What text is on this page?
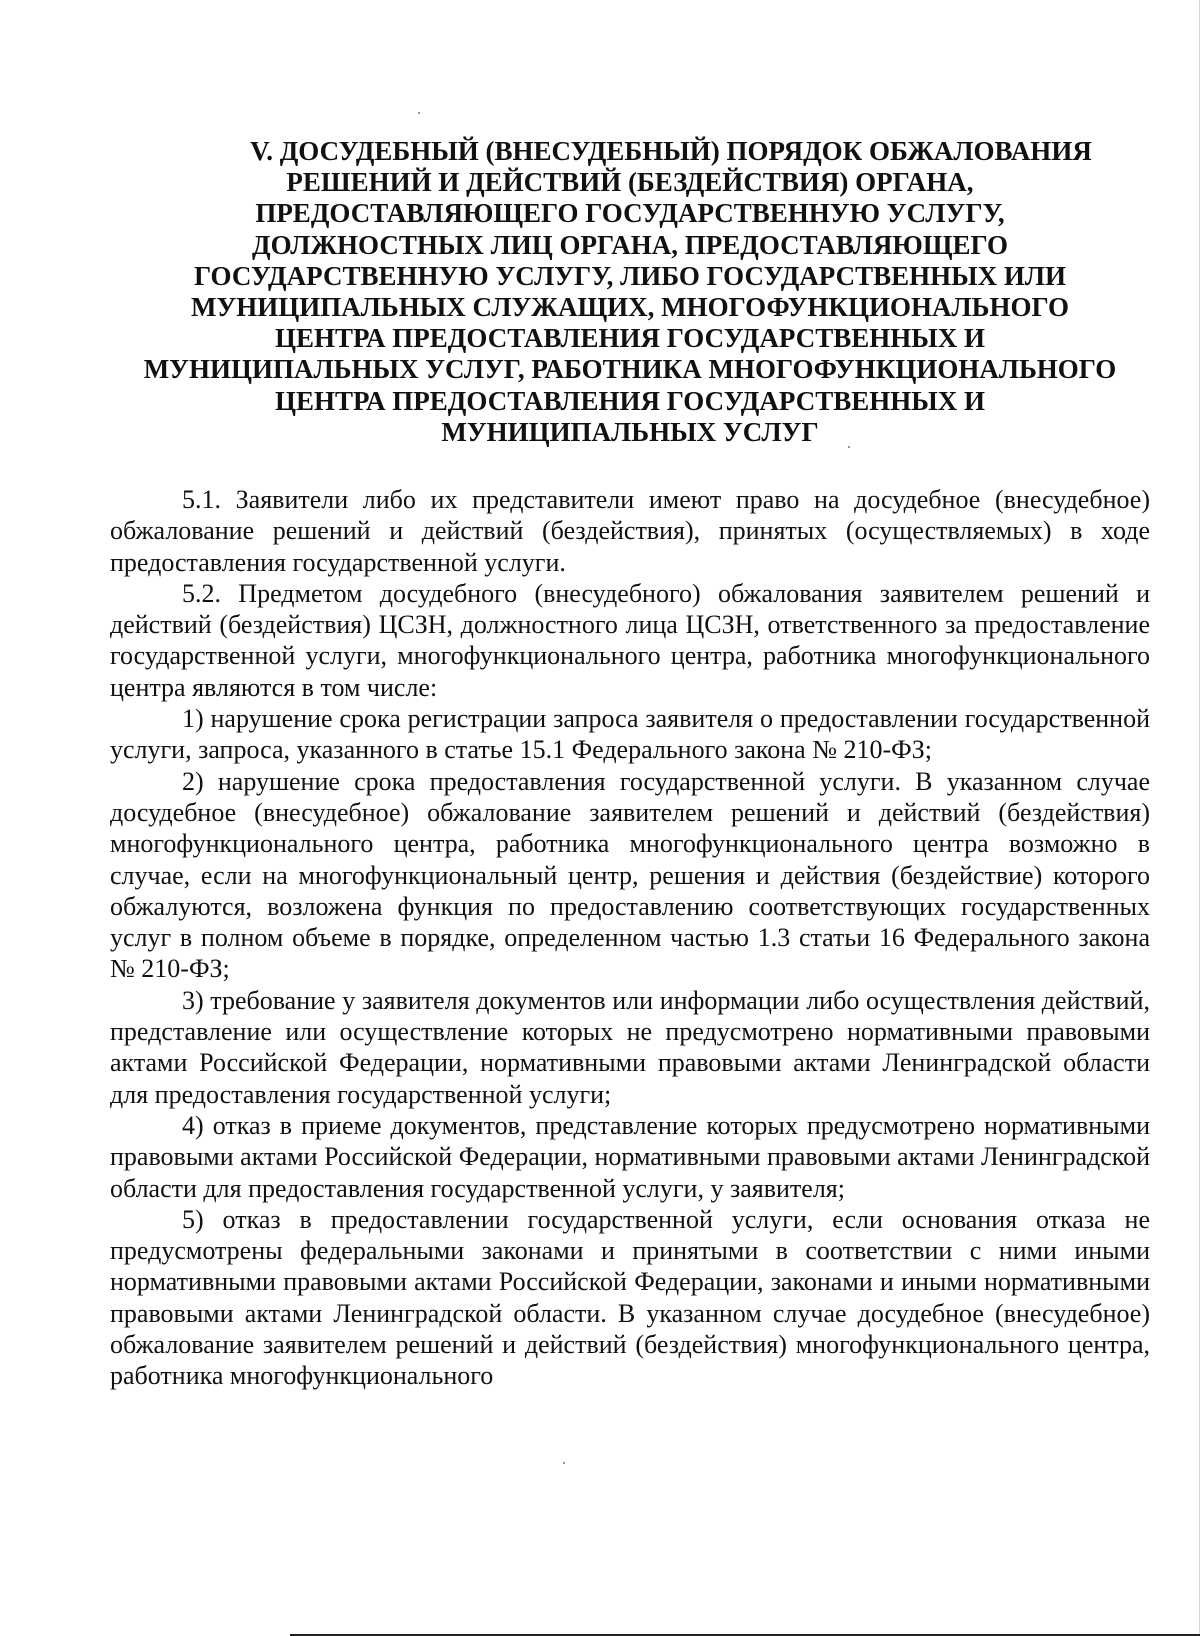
V. ДОСУДЕБНЫЙ (ВНЕСУДЕБНЫЙ) ПОРЯДОК ОБЖАЛОВАНИЯ
РЕШЕНИЙ И ДЕЙСТВИЙ (БЕЗДЕЙСТВИЯ) ОРГАНА,
ПРЕДОСТАВЛЯЮЩЕГО ГОСУДАРСТВЕННУЮ УСЛУГУ,
ДОЛЖНОСТНЫХ ЛИЦ ОРГАНА, ПРЕДОСТАВЛЯЮЩЕГО
ГОСУДАРСТВЕННУЮ УСЛУГУ, ЛИБО ГОСУДАРСТВЕННЫХ ИЛИ
МУНИЦИПАЛЬНЫХ СЛУЖАЩИХ, МНОГОФУНКЦИОНАЛЬНОГО
ЦЕНТРА ПРЕДОСТАВЛЕНИЯ ГОСУДАРСТВЕННЫХ И
МУНИЦИПАЛЬНЫХ УСЛУГ, РАБОТНИКА МНОГОФУНКЦИОНАЛЬНОГО
ЦЕНТРА ПРЕДОСТАВЛЕНИЯ ГОСУДАРСТВЕННЫХ И
МУНИЦИПАЛЬНЫХ УСЛУГ

5.1. Заявители либо их представители имеют право на досудебное (внесудебное) обжалование решений и действий (бездействия), принятых (осуществляемых) в ходе предоставления государственной услуги.

5.2. Предметом досудебного (внесудебного) обжалования заявителем решений и действий (бездействия) ЦСЗН, должностного лица ЦСЗН, ответственного за предоставление государственной услуги, многофункционального центра, работника многофункционального центра являются в том числе:

1) нарушение срока регистрации запроса заявителя о предоставлении государственной услуги, запроса, указанного в статье 15.1 Федерального закона № 210-ФЗ;

2) нарушение срока предоставления государственной услуги. В указанном случае досудебное (внесудебное) обжалование заявителем решений и действий (бездействия) многофункционального центра, работника многофункционального центра возможно в случае, если на многофункциональный центр, решения и действия (бездействие) которого обжалуются, возложена функция по предоставлению соответствующих государственных услуг в полном объеме в порядке, определенном частью 1.3 статьи 16 Федерального закона № 210-ФЗ;

3) требование у заявителя документов или информации либо осуществления действий, представление или осуществление которых не предусмотрено нормативными правовыми актами Российской Федерации, нормативными правовыми актами Ленинградской области для предоставления государственной услуги;

4) отказ в приеме документов, представление которых предусмотрено нормативными правовыми актами Российской Федерации, нормативными правовыми актами Ленинградской области для предоставления государственной услуги, у заявителя;

5) отказ в предоставлении государственной услуги, если основания отказа не предусмотрены федеральными законами и принятыми в соответствии с ними иными нормативными правовыми актами Российской Федерации, законами и иными нормативными правовыми актами Ленинградской области. В указанном случае досудебное (внесудебное) обжалование заявителем решений и действий (бездействия) многофункционального центра, работника многофункционального
